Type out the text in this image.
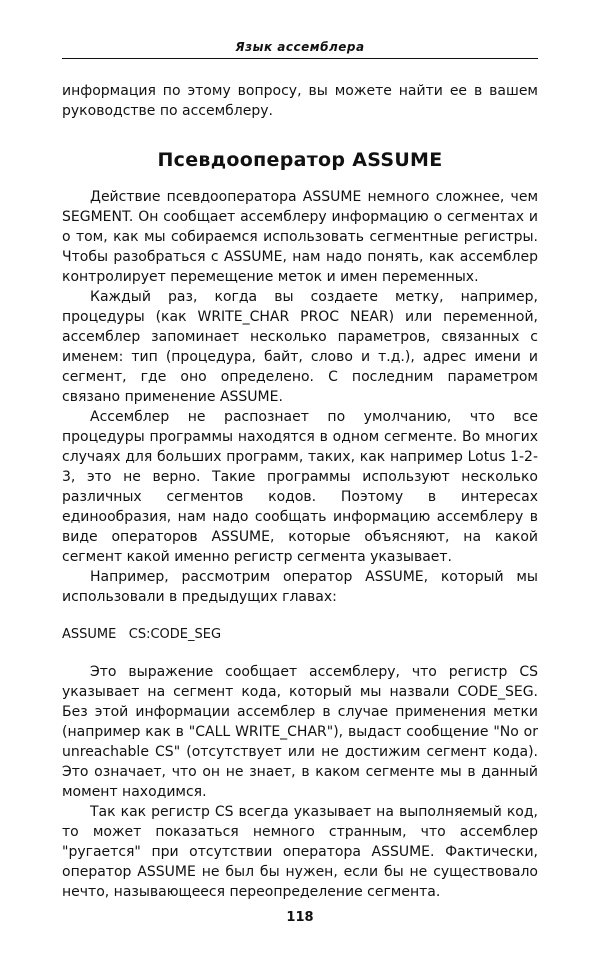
Язык ассемблера

информация по этому вопросу, вы можете найти ее в вашем руководстве по ассемблеру.

Псевдооператор ASSUME

Действие псевдооператора ASSUME немного сложнее, чем SEGMENT. Он сообщает ассемблеру информацию о сегментах и о том, как мы собираемся использовать сегментные регистры. Чтобы разобраться с ASSUME, нам надо понять, как ассемблер контролирует перемещение меток и имен переменных.

Каждый раз, когда вы создаете метку, например, процедуры (как WRITE_CHAR PROC NEAR) или переменной, ассемблер запоминает несколько параметров, связанных с именем: тип (процедура, байт, слово и т.д.), адрес имени и сегмент, где оно определено. С последним параметром связано применение ASSUME.

Ассемблер не распознает по умолчанию, что все процедуры программы находятся в одном сегменте. Во многих случаях для больших программ, таких, как например Lotus 1-2-3, это не верно. Такие программы используют несколько различных сегментов кодов. Поэтому в интересах единообразия, нам надо сообщать информацию ассемблеру в виде операторов ASSUME, которые объясняют, на какой сегмент какой именно регистр сегмента указывает.

Например, рассмотрим оператор ASSUME, который мы использовали в предыдущих главах:

ASSUME   CS:CODE_SEG

Это выражение сообщает ассемблеру, что регистр CS указывает на сегмент кода, который мы назвали CODE_SEG. Без этой информации ассемблер в случае применения метки (например как в "CALL WRITE_CHAR"), выдаст сообщение "No or unreachable CS" (отсутствует или не достижим сегмент кода). Это означает, что он не знает, в каком сегменте мы в данный момент находимся.

Так как регистр CS всегда указывает на выполняемый код, то может показаться немного странным, что ассемблер "ругается" при отсутствии оператора ASSUME. Фактически, оператор ASSUME не был бы нужен, если бы не существовало нечто, называющееся переопределение сегмента.

118
